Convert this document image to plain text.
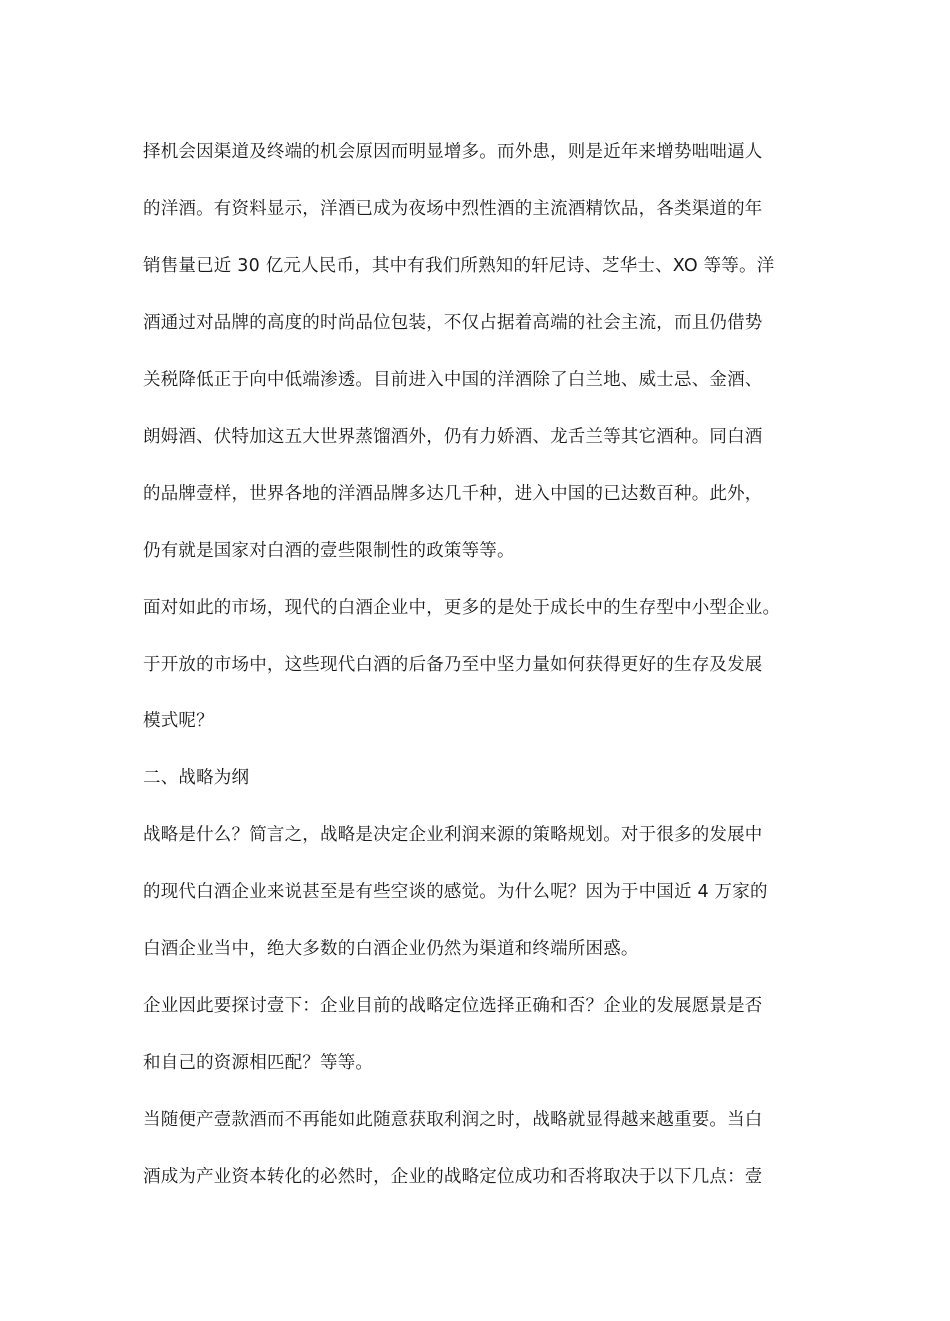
择机会因渠道及终端的机会原因而明显增多。而外患，则是近年来增势咄咄逼人
的洋酒。有资料显示，洋酒已成为夜场中烈性酒的主流酒精饮品，各类渠道的年
销售量已近 30 亿元人民币，其中有我们所熟知的轩尼诗、芝华士、XO 等等。洋
酒通过对品牌的高度的时尚品位包装，不仅占据着高端的社会主流，而且仍借势
关税降低正于向中低端渗透。目前进入中国的洋酒除了白兰地、威士忌、金酒、
朗姆酒、伏特加这五大世界蒸馏酒外，仍有力娇酒、龙舌兰等其它酒种。同白酒
的品牌壹样，世界各地的洋酒品牌多达几千种，进入中国的已达数百种。此外，
仍有就是国家对白酒的壹些限制性的政策等等。
面对如此的市场，现代的白酒企业中，更多的是处于成长中的生存型中小型企业。
于开放的市场中，这些现代白酒的后备乃至中坚力量如何获得更好的生存及发展
模式呢？
二、战略为纲
战略是什么？简言之，战略是决定企业利润来源的策略规划。对于很多的发展中
的现代白酒企业来说甚至是有些空谈的感觉。为什么呢？因为于中国近 4 万家的
白酒企业当中，绝大多数的白酒企业仍然为渠道和终端所困惑。
企业因此要探讨壹下：企业目前的战略定位选择正确和否？企业的发展愿景是否
和自己的资源相匹配？等等。
当随便产壹款酒而不再能如此随意获取利润之时，战略就显得越来越重要。当白
酒成为产业资本转化的必然时，企业的战略定位成功和否将取决于以下几点：壹
